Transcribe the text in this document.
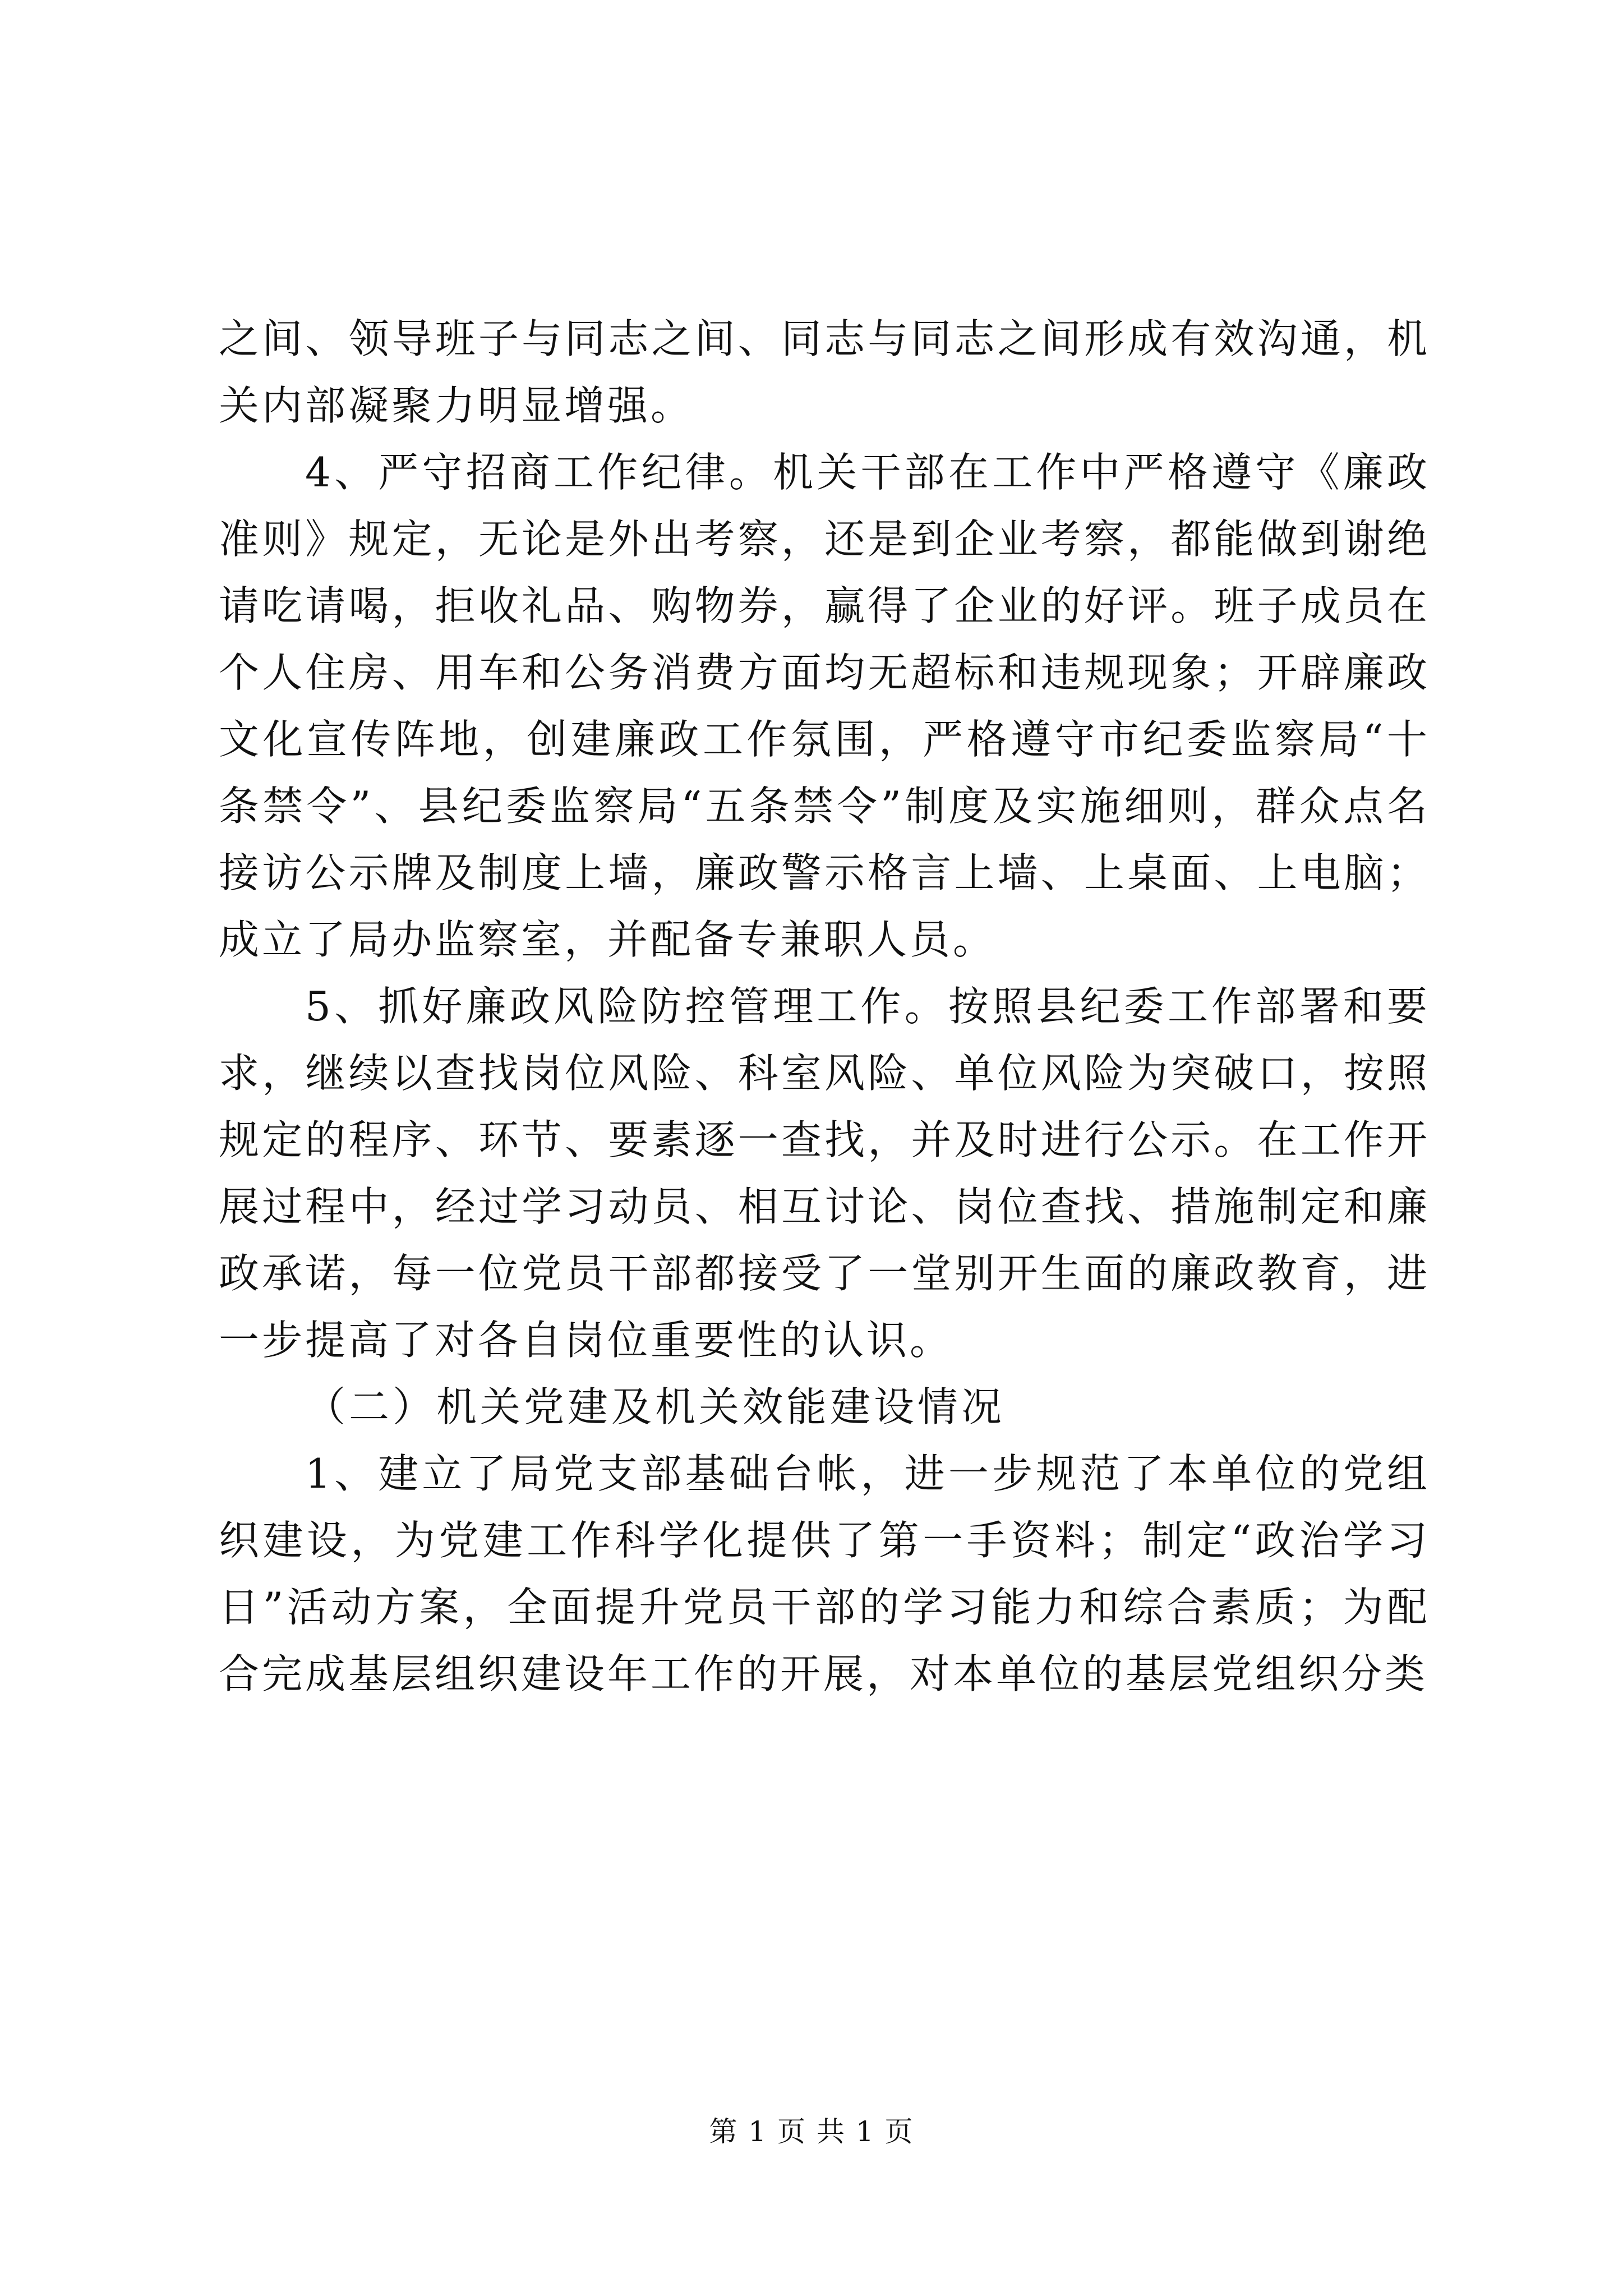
之间、领导班子与同志之间、同志与同志之间形成有效沟通，机关内部凝聚力明显增强。

4、严守招商工作纪律。机关干部在工作中严格遵守《廉政准则》规定，无论是外出考察，还是到企业考察，都能做到谢绝请吃请喝，拒收礼品、购物券，赢得了企业的好评。班子成员在个人住房、用车和公务消费方面均无超标和违规现象；开辟廉政文化宣传阵地，创建廉政工作氛围，严格遵守市纪委监察局“十条禁令”、县纪委监察局“五条禁令”制度及实施细则，群众点名接访公示牌及制度上墙，廉政警示格言上墙、上桌面、上电脑；成立了局办监察室，并配备专兼职人员。

5、抓好廉政风险防控管理工作。按照县纪委工作部署和要求，继续以查找岗位风险、科室风险、单位风险为突破口，按照规定的程序、环节、要素逐一查找，并及时进行公示。在工作开展过程中，经过学习动员、相互讨论、岗位查找、措施制定和廉政承诺，每一位党员干部都接受了一堂别开生面的廉政教育，进一步提高了对各自岗位重要性的认识。

（二）机关党建及机关效能建设情况

1、建立了局党支部基础台帐，进一步规范了本单位的党组织建设，为党建工作科学化提供了第一手资料；制定“政治学习日”活动方案，全面提升党员干部的学习能力和综合素质；为配合完成基层组织建设年工作的开展，对本单位的基层党组织分类

第 1 页 共 1 页
